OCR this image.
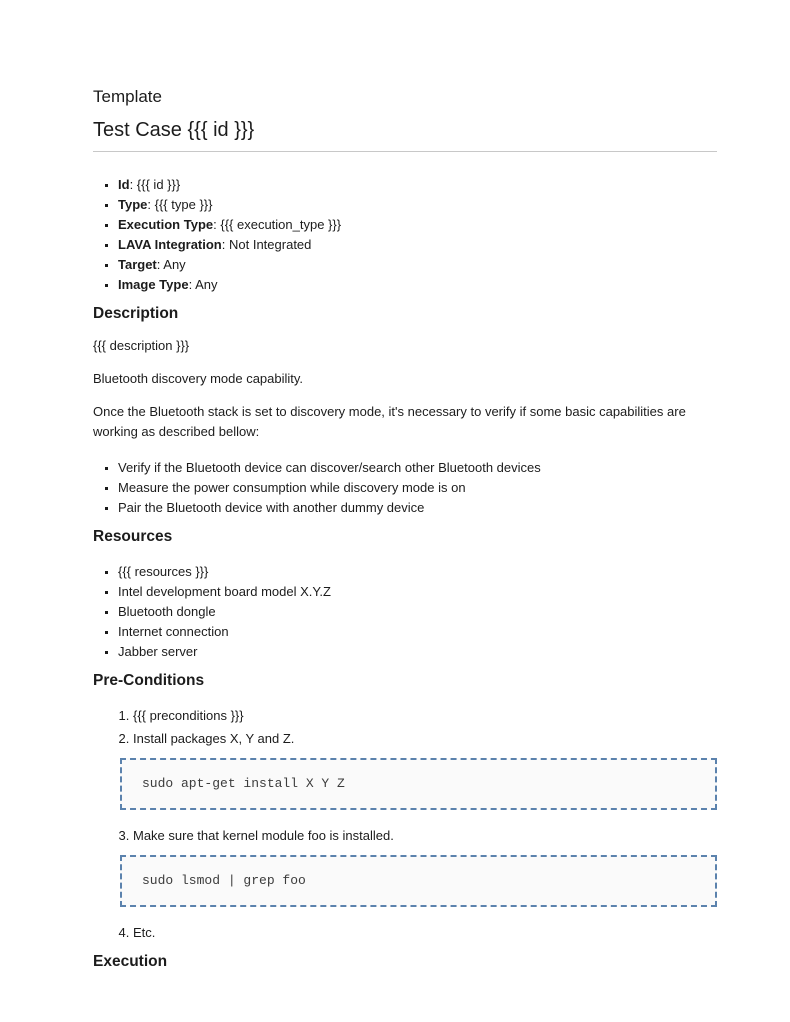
Template
Test Case {{{ id }}}
▪ Id: {{{ id }}}
▪ Type: {{{ type }}}
▪ Execution Type: {{{ execution_type }}}
▪ LAVA Integration: Not Integrated
▪ Target: Any
▪ Image Type: Any
Description

{{{ description }}}

Bluetooth discovery mode capability.

Once the Bluetooth stack is set to discovery mode, it's necessary to verify if some basic capabilities are working as described bellow:

▪ Verify if the Bluetooth device can discover/search other Bluetooth devices
▪ Measure the power consumption while discovery mode is on
▪ Pair the Bluetooth device with another dummy device
Resources
▪ {{{ resources }}}
▪ Intel development board model X.Y.Z
▪ Bluetooth dongle
▪ Internet connection
▪ Jabber server
Pre-Conditions
1. {{{ preconditions }}}
2. Install packages X, Y and Z.
sudo apt-get install X Y Z
3. Make sure that kernel module foo is installed.
sudo lsmod | grep foo
4. Etc.
Execution
